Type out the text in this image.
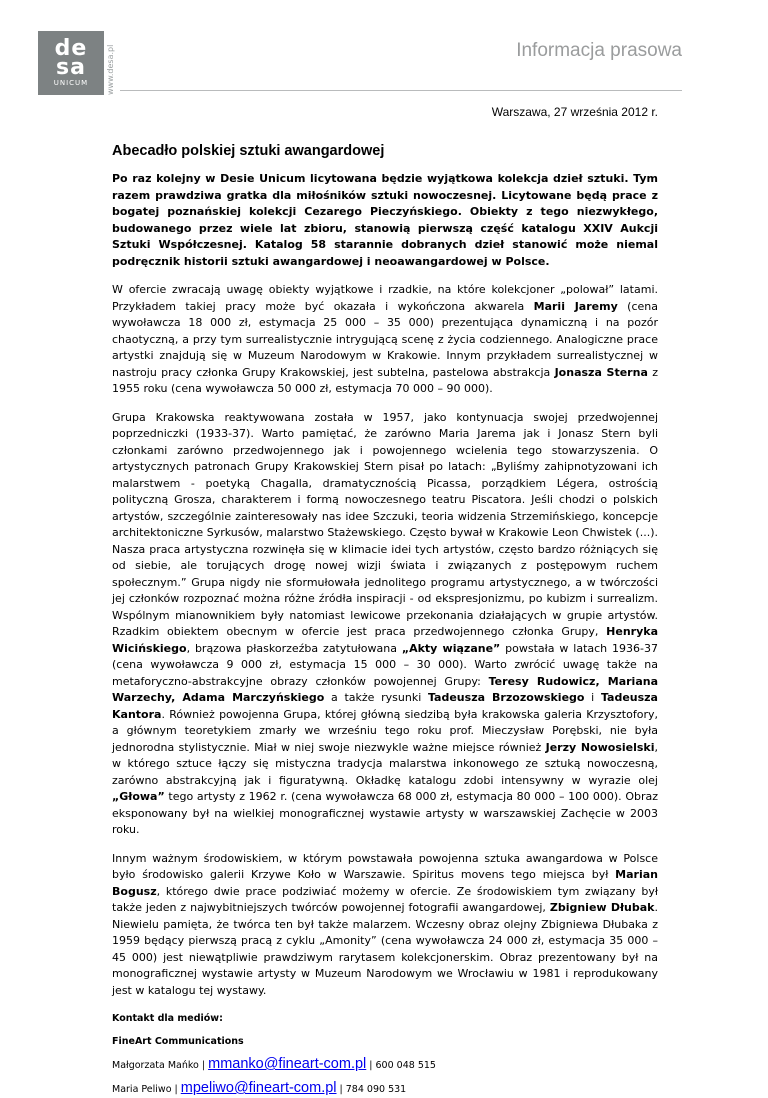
de
sa
UNICUM www.desa.pl	Informacja prasowa

Warszawa, 27 września 2012 r.

Abecadło polskiej sztuki awangardowej

Po raz kolejny w Desie Unicum licytowana będzie wyjątkowa kolekcja dzieł sztuki. Tym razem prawdziwa gratka dla miłośników sztuki nowoczesnej. Licytowane będą prace z bogatej poznańskiej kolekcji Cezarego Pieczyńskiego. Obiekty z tego niezwykłego, budowanego przez wiele lat zbioru, stanowią pierwszą część katalogu XXIV Aukcji Sztuki Współczesnej. Katalog 58 starannie dobranych dzieł stanowić może niemal podręcznik historii sztuki awangardowej i neoawangardowej w Polsce.

W ofercie zwracają uwagę obiekty wyjątkowe i rzadkie, na które kolekcjoner „polował” latami. Przykładem takiej pracy może być okazała i wykończona akwarela Marii Jaremy (cena wywoławcza 18 000 zł, estymacja 25 000 – 35 000) prezentująca dynamiczną i na pozór chaotyczną, a przy tym surrealistycznie intrygującą scenę z życia codziennego. Analogiczne prace artystki znajdują się w Muzeum Narodowym w Krakowie. Innym przykładem surrealistycznej w nastroju pracy członka Grupy Krakowskiej, jest subtelna, pastelowa abstrakcja Jonasza Sterna z 1955 roku (cena wywoławcza 50 000 zł, estymacja 70 000 – 90 000).

Grupa Krakowska reaktywowana została w 1957, jako kontynuacja swojej przedwojennej poprzedniczki (1933-37). Warto pamiętać, że zarówno Maria Jarema jak i Jonasz Stern byli członkami zarówno przedwojennego jak i powojennego wcielenia tego stowarzyszenia. O artystycznych patronach Grupy Krakowskiej Stern pisał po latach: „Byliśmy zahipnotyzowani ich malarstwem - poetyką Chagalla, dramatycznością Picassa, porządkiem Légera, ostrością polityczną Grosza, charakterem i formą nowoczesnego teatru Piscatora. Jeśli chodzi o polskich artystów, szczególnie zainteresowały nas idee Szczuki, teoria widzenia Strzemińskiego, koncepcje architektoniczne Syrkusów, malarstwo Stażewskiego. Często bywał w Krakowie Leon Chwistek (...). Nasza praca artystyczna rozwinęła się w klimacie idei tych artystów, często bardzo różniących się od siebie, ale torujących drogę nowej wizji świata i związanych z postępowym ruchem społecznym.” Grupa nigdy nie sformułowała jednolitego programu artystycznego, a w twórczości jej członków rozpoznać można różne źródła inspiracji - od ekspresjonizmu, po kubizm i surrealizm. Wspólnym mianownikiem były natomiast lewicowe przekonania działających w grupie artystów. Rzadkim obiektem obecnym w ofercie jest praca przedwojennego członka Grupy, Henryka Wicińskiego, brązowa płaskorzeźba zatytułowana „Akty wiązane” powstała w latach 1936-37 (cena wywoławcza 9 000 zł, estymacja 15 000 – 30 000). Warto zwrócić uwagę także na metaforyczno-abstrakcyjne obrazy członków powojennej Grupy: Teresy Rudowicz, Mariana Warzechy, Adama Marczyńskiego a także rysunki Tadeusza Brzozowskiego i Tadeusza Kantora. Również powojenna Grupa, której główną siedzibą była krakowska galeria Krzysztofory, a głównym teoretykiem zmarły we wrześniu tego roku prof. Mieczysław Porębski, nie była jednorodna stylistycznie. Miał w niej swoje niezwykle ważne miejsce również Jerzy Nowosielski, w którego sztuce łączy się mistyczna tradycja malarstwa inkonowego ze sztuką nowoczesną, zarówno abstrakcyjną jak i figuratywną. Okładkę katalogu zdobi intensywny w wyrazie olej „Głowa” tego artysty z 1962 r. (cena wywoławcza 68 000 zł, estymacja 80 000 – 100 000). Obraz eksponowany był na wielkiej monograficznej wystawie artysty w warszawskiej Zachęcie w 2003 roku.

Innym ważnym środowiskiem, w którym powstawała powojenna sztuka awangardowa w Polsce było środowisko galerii Krzywe Koło w Warszawie. Spiritus movens tego miejsca był Marian Bogusz, którego dwie prace podziwiać możemy w ofercie. Ze środowiskiem tym związany był także jeden z najwybitniejszych twórców powojennej fotografii awangardowej, Zbigniew Dłubak. Niewielu pamięta, że twórca ten był także malarzem. Wczesny obraz olejny Zbigniewa Dłubaka z 1959 będący pierwszą pracą z cyklu „Amonity” (cena wywoławcza 24 000 zł, estymacja 35 000 – 45 000) jest niewątpliwie prawdziwym rarytasem kolekcjonerskim. Obraz prezentowany był na monograficznej wystawie artysty w Muzeum Narodowym we Wrocławiu w 1981 i reprodukowany jest w katalogu tej wystawy.

Kontakt dla mediów:

FineArt Communications

Małgorzata Mańko | mmanko@fineart-com.pl | 600 048 515
Maria Peliwo | mpeliwo@fineart-com.pl | 784 090 531
